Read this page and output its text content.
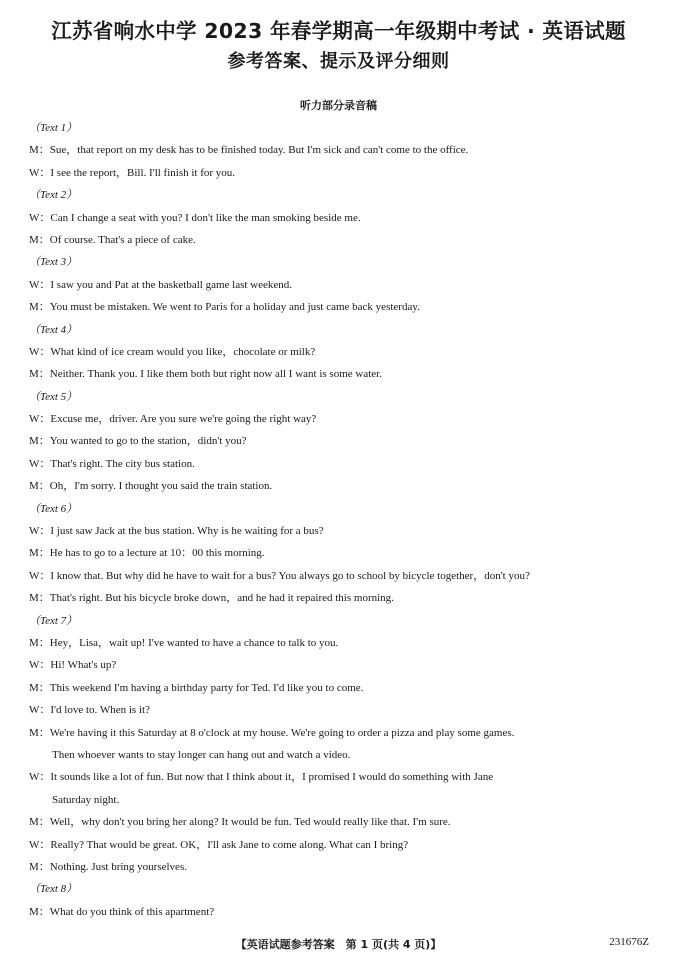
江苏省响水中学 2023 年春学期高一年级期中考试 · 英语试题
参考答案、提示及评分细则
听力部分录音稿
（Text 1）
M：Sue，that report on my desk has to be finished today. But I'm sick and can't come to the office.
W：I see the report，Bill. I'll finish it for you.
（Text 2）
W：Can I change a seat with you? I don't like the man smoking beside me.
M：Of course. That's a piece of cake.
（Text 3）
W：I saw you and Pat at the basketball game last weekend.
M：You must be mistaken. We went to Paris for a holiday and just came back yesterday.
（Text 4）
W：What kind of ice cream would you like，chocolate or milk?
M：Neither. Thank you. I like them both but right now all I want is some water.
（Text 5）
W：Excuse me，driver. Are you sure we're going the right way?
M：You wanted to go to the station，didn't you?
W：That's right. The city bus station.
M：Oh，I'm sorry. I thought you said the train station.
（Text 6）
W：I just saw Jack at the bus station. Why is he waiting for a bus?
M：He has to go to a lecture at 10：00 this morning.
W：I know that. But why did he have to wait for a bus? You always go to school by bicycle together，don't you?
M：That's right. But his bicycle broke down，and he had it repaired this morning.
（Text 7）
M：Hey，Lisa，wait up! I've wanted to have a chance to talk to you.
W：Hi! What's up?
M：This weekend I'm having a birthday party for Ted. I'd like you to come.
W：I'd love to. When is it?
M：We're having it this Saturday at 8 o'clock at my house. We're going to order a pizza and play some games.
Then whoever wants to stay longer can hang out and watch a video.
W：It sounds like a lot of fun. But now that I think about it，I promised I would do something with Jane
Saturday night.
M：Well，why don't you bring her along? It would be fun. Ted would really like that. I'm sure.
W：Really? That would be great. OK，I'll ask Jane to come along. What can I bring?
M：Nothing. Just bring yourselves.
（Text 8）
M：What do you think of this apartment?
【英语试题参考答案　第 1 页(共 4 页)】	231676Z
